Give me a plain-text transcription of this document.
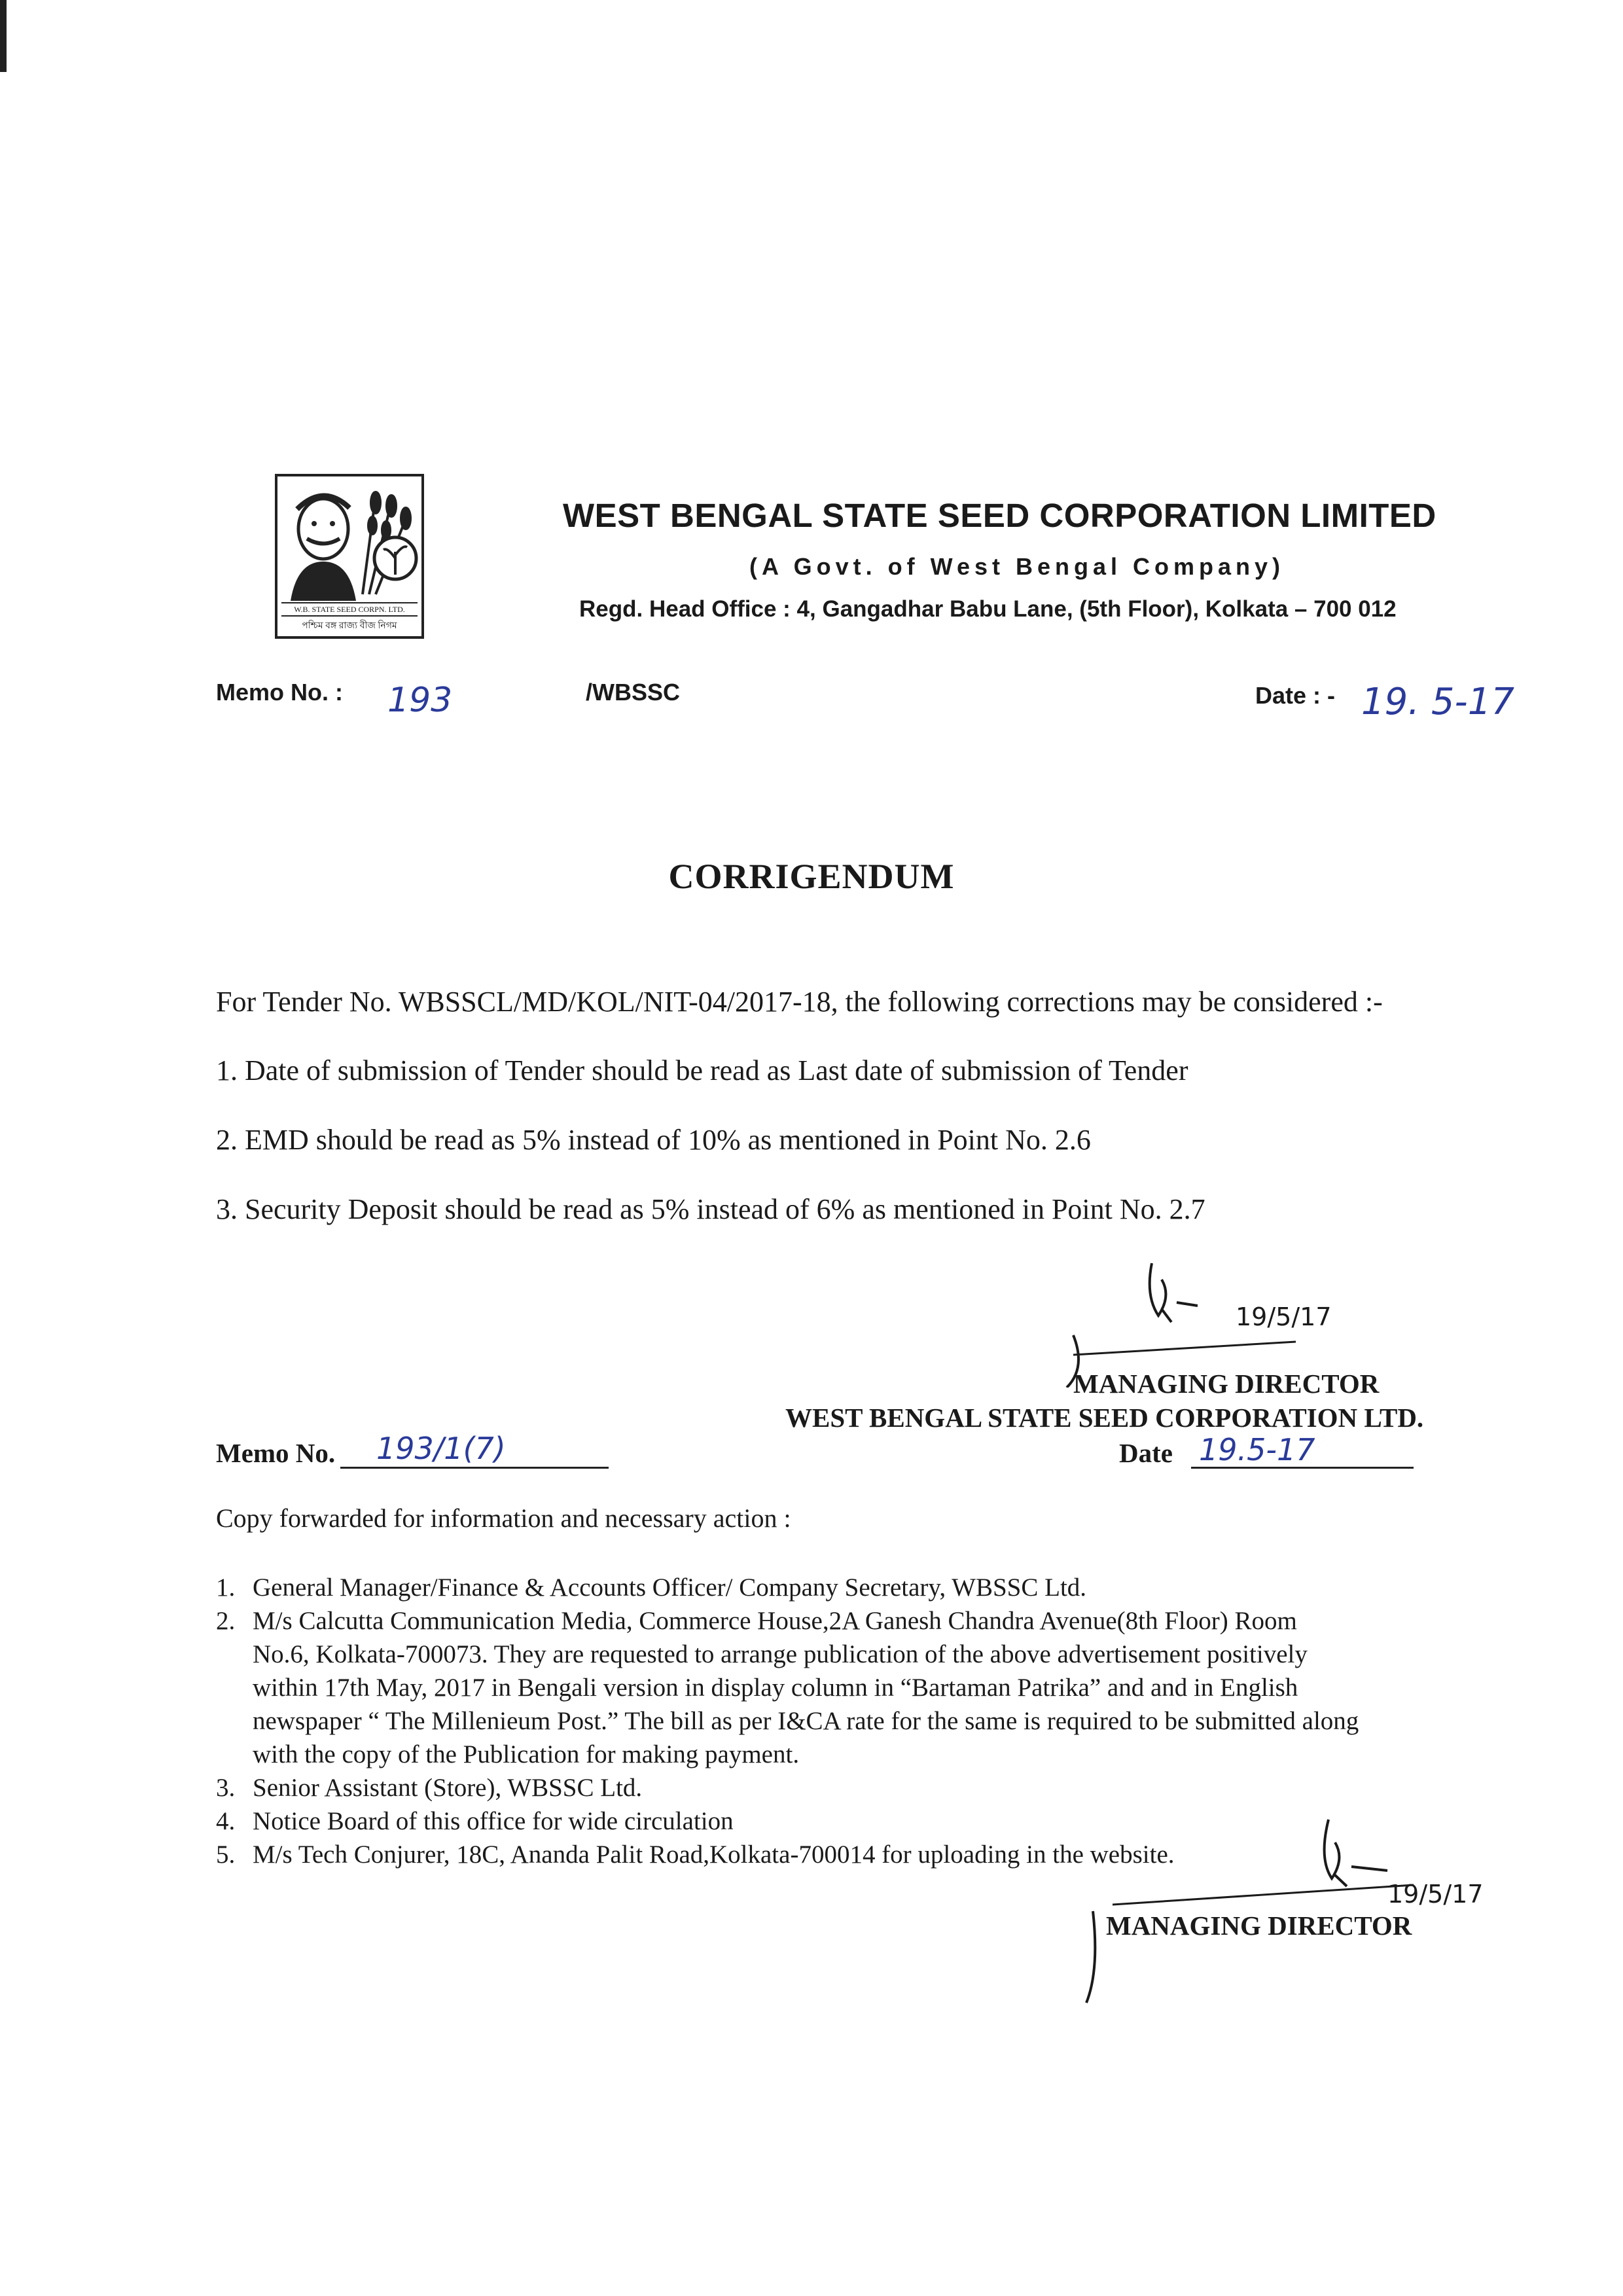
W.B. STATE SEED CORPN. LTD.
পশ্চিম বঙ্গ রাজ্য বীজ নিগম
WEST BENGAL STATE SEED CORPORATION LIMITED
(A Govt. of West Bengal Company)
Regd. Head Office : 4, Gangadhar Babu Lane, (5th Floor), Kolkata – 700 012
Memo No. : 193	/WBSSC	Date : - 19. 5-17
CORRIGENDUM
For Tender No. WBSSCL/MD/KOL/NIT-04/2017-18, the following corrections may be considered :-
1. Date of submission of Tender should be read as Last date of submission of Tender
2. EMD should be read as 5% instead of 10% as mentioned in Point No. 2.6
3. Security Deposit should be read as 5% instead of 6% as mentioned in Point No. 2.7
19/5/17
MANAGING DIRECTOR
WEST BENGAL STATE SEED CORPORATION LTD.
Date 19.5-17
Memo No.	193/1(7)
Copy forwarded for information and necessary action :
1. General Manager/Finance & Accounts Officer/ Company Secretary, WBSSC Ltd.
2. M/s Calcutta Communication Media, Commerce House,2A Ganesh Chandra Avenue(8th Floor) Room
No.6, Kolkata-700073. They are requested to arrange publication of the above advertisement positively
within 17th May, 2017 in Bengali version in display column in “Bartaman Patrika” and and in English
newspaper “ The Millenieum Post.” The bill as per I&CA rate for the same is required to be submitted along
with the copy of the Publication for making payment.
3. Senior Assistant (Store), WBSSC Ltd.
4. Notice Board of this office for wide circulation
5. M/s Tech Conjurer, 18C, Ananda Palit Road,Kolkata-700014 for uploading in the website.
19/5/17
MANAGING DIRECTOR
